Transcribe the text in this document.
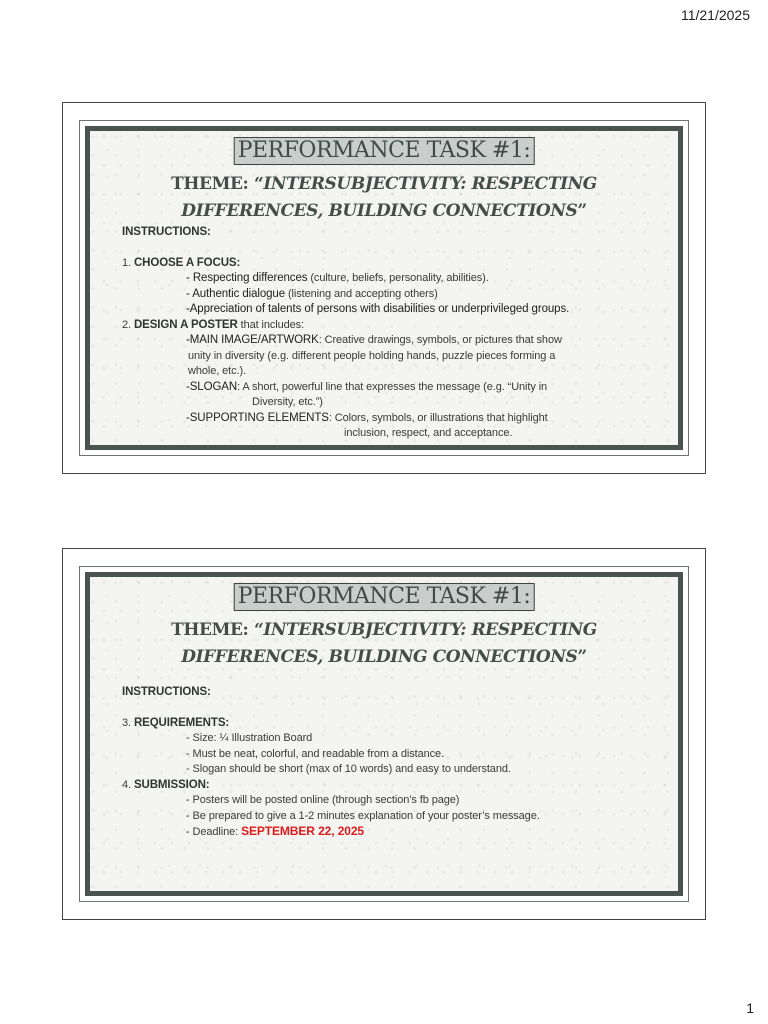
11/21/2025
PERFORMANCE TASK #1:
THEME: “INTERSUBJECTIVITY: RESPECTING
DIFFERENCES, BUILDING CONNECTIONS”
INSTRUCTIONS:
1. CHOOSE A FOCUS:
- Respecting differences (culture, beliefs, personality, abilities).
- Authentic dialogue (listening and accepting others)
-Appreciation of talents of persons with disabilities or underprivileged groups.
2. DESIGN A POSTER that includes:
-MAIN IMAGE/ARTWORK: Creative drawings, symbols, or pictures that show
unity in diversity (e.g. different people holding hands, puzzle pieces forming a
whole, etc.).
-SLOGAN: A short, powerful line that expresses the message (e.g. “Unity in
Diversity, etc.”)
-SUPPORTING ELEMENTS: Colors, symbols, or illustrations that highlight
inclusion, respect, and acceptance.
PERFORMANCE TASK #1:
THEME: “INTERSUBJECTIVITY: RESPECTING
DIFFERENCES, BUILDING CONNECTIONS”
INSTRUCTIONS:
3. REQUIREMENTS:
- Size: ¼ Illustration Board
- Must be neat, colorful, and readable from a distance.
- Slogan should be short (max of 10 words) and easy to understand.
4. SUBMISSION:
- Posters will be posted online (through section’s fb page)
- Be prepared to give a 1-2 minutes explanation of your poster’s message.
- Deadline: SEPTEMBER 22, 2025
1
